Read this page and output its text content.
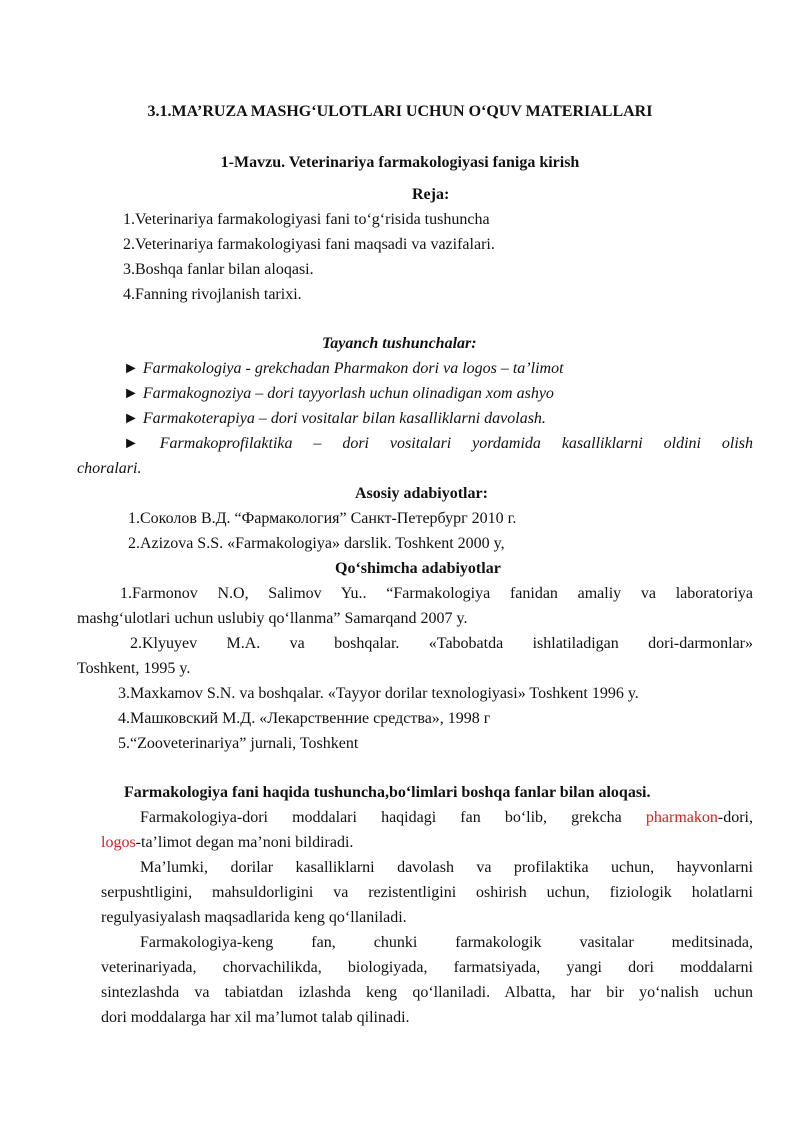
3.1.MA’RUZA MASHG‘ULOTLARI UCHUN O‘QUV MATERIALLARI
1-Mavzu. Veterinariya farmakologiyasi faniga kirish
Reja:
1.Veterinariya farmakologiyasi fani to‘g‘risida tushuncha
2.Veterinariya farmakologiyasi fani maqsadi va vazifalari.
3.Boshqa fanlar bilan aloqasi.
4.Fanning rivojlanish tarixi.
Tayanch tushunchalar:
► Farmakologiya - grekchadan Pharmakon dori va logos – ta’limot
► Farmakognoziya – dori tayyorlash uchun olinadigan xom ashyo
► Farmakoterapiya – dori vositalar bilan kasalliklarni davolash.
► Farmakoprofilaktika – dori vositalari yordamida kasalliklarni oldini olish
choralari.
Asosiy adabiyotlar:
1.Соколов В.Д. “Фармакология” Санкт-Петербург 2010 г.
2.Azizova S.S. «Farmakologiya» darslik. Toshkent 2000 y,
Qo‘shimcha adabiyotlar
1.Farmonov N.O, Salimov Yu.. “Farmakologiya fanidan amaliy va laboratoriya
mashg‘ulotlari uchun uslubiy qo‘llanma” Samarqand 2007 y.
2.Klyuyev M.A. va boshqalar. «Tabobatda ishlatiladigan dori-darmonlar»
Toshkent, 1995 y.
3.Maxkamov S.N. va boshqalar. «Tayyor dorilar texnologiyasi» Toshkent 1996 y.
4.Машковский М.Д. «Лекарственние средства», 1998 г
5.“Zooveterinariya” jurnali, Toshkent
Farmakologiya fani haqida tushuncha,bo‘limlari boshqa fanlar bilan aloqasi.
Farmakologiya-dori moddalari haqidagi fan bo‘lib, grekcha pharmakon-dori,
logos-ta’limot degan ma’noni bildiradi.
Ma’lumki, dorilar kasalliklarni davolash va profilaktika uchun, hayvonlarni
serpushtligini, mahsuldorligini va rezistentligini oshirish uchun, fiziologik holatlarni
regulyasiyalash maqsadlarida keng qo‘llaniladi.
Farmakologiya-keng fan, chunki farmakologik vasitalar meditsinada,
veterinariyada, chorvachilikda, biologiyada, farmatsiyada, yangi dori moddalarni
sintezlashda va tabiatdan izlashda keng qo‘llaniladi. Albatta, har bir yo‘nalish uchun
dori moddalarga har xil ma’lumot talab qilinadi.
